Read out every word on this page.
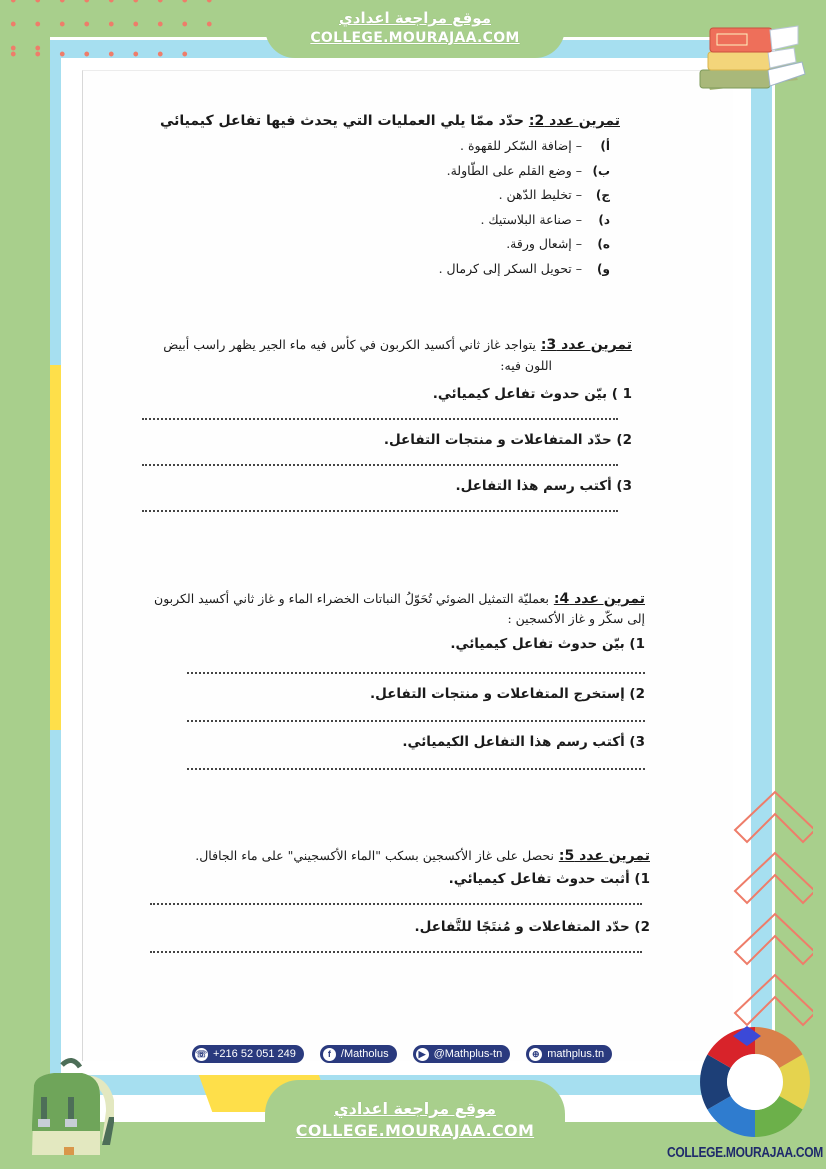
تمرين عدد 2: حدّد ممّا يلي العمليات التي يحدث فيها تفاعل كيميائي
أ)– إضافة السّكر للقهوة .
ب)– وضع القلم على الطّاولة.
ج)– تخليط الدّهن .
د)– صناعة البلاستيك .
ه)– إشعال ورقة.
و)– تحويل السكر إلى كرمال .
تمرين عدد 3: يتواجد غاز ثاني أكسيد الكربون في كأس فيه ماء الجير يظهر راسب أبيض
اللون فيه:
1 ) بيّن حدوث تفاعل كيميائي.
2) حدّد المتفاعلات و منتجات التفاعل.
3) أكتب رسم هذا التفاعل.
تمرين عدد 4: بعمليّة التمثيل الضوئي تُحَوّلُ النباتات الخضراء الماء و غاز ثاني أكسيد الكربون
إلى سكّر و غاز الأكسجين :
1) بيّن حدوث تفاعل كيميائي.
2) إستخرج المتفاعلات و منتجات التفاعل.
3) أكتب رسم هذا التفاعل الكيميائي.
تمرين عدد 5: نحصل على غاز الأكسجين بسكب "الماء الأكسجيني" على ماء الجافال.
1) أثبت حدوث تفاعل كيميائي.
2) حدّد المتفاعلات و مُنتَجًا للتَّفاعل.
☏ +216 52 051 249	f /Matholus	▶ @Mathplus-tn	⊕ mathplus.tn
موقع مراجعة اعدادي
COLLEGE.MOURAJAA.COM
موقع مراجعة اعدادي
COLLEGE.MOURAJAA.COM
COLLEGE.MOURAJAA.COM
